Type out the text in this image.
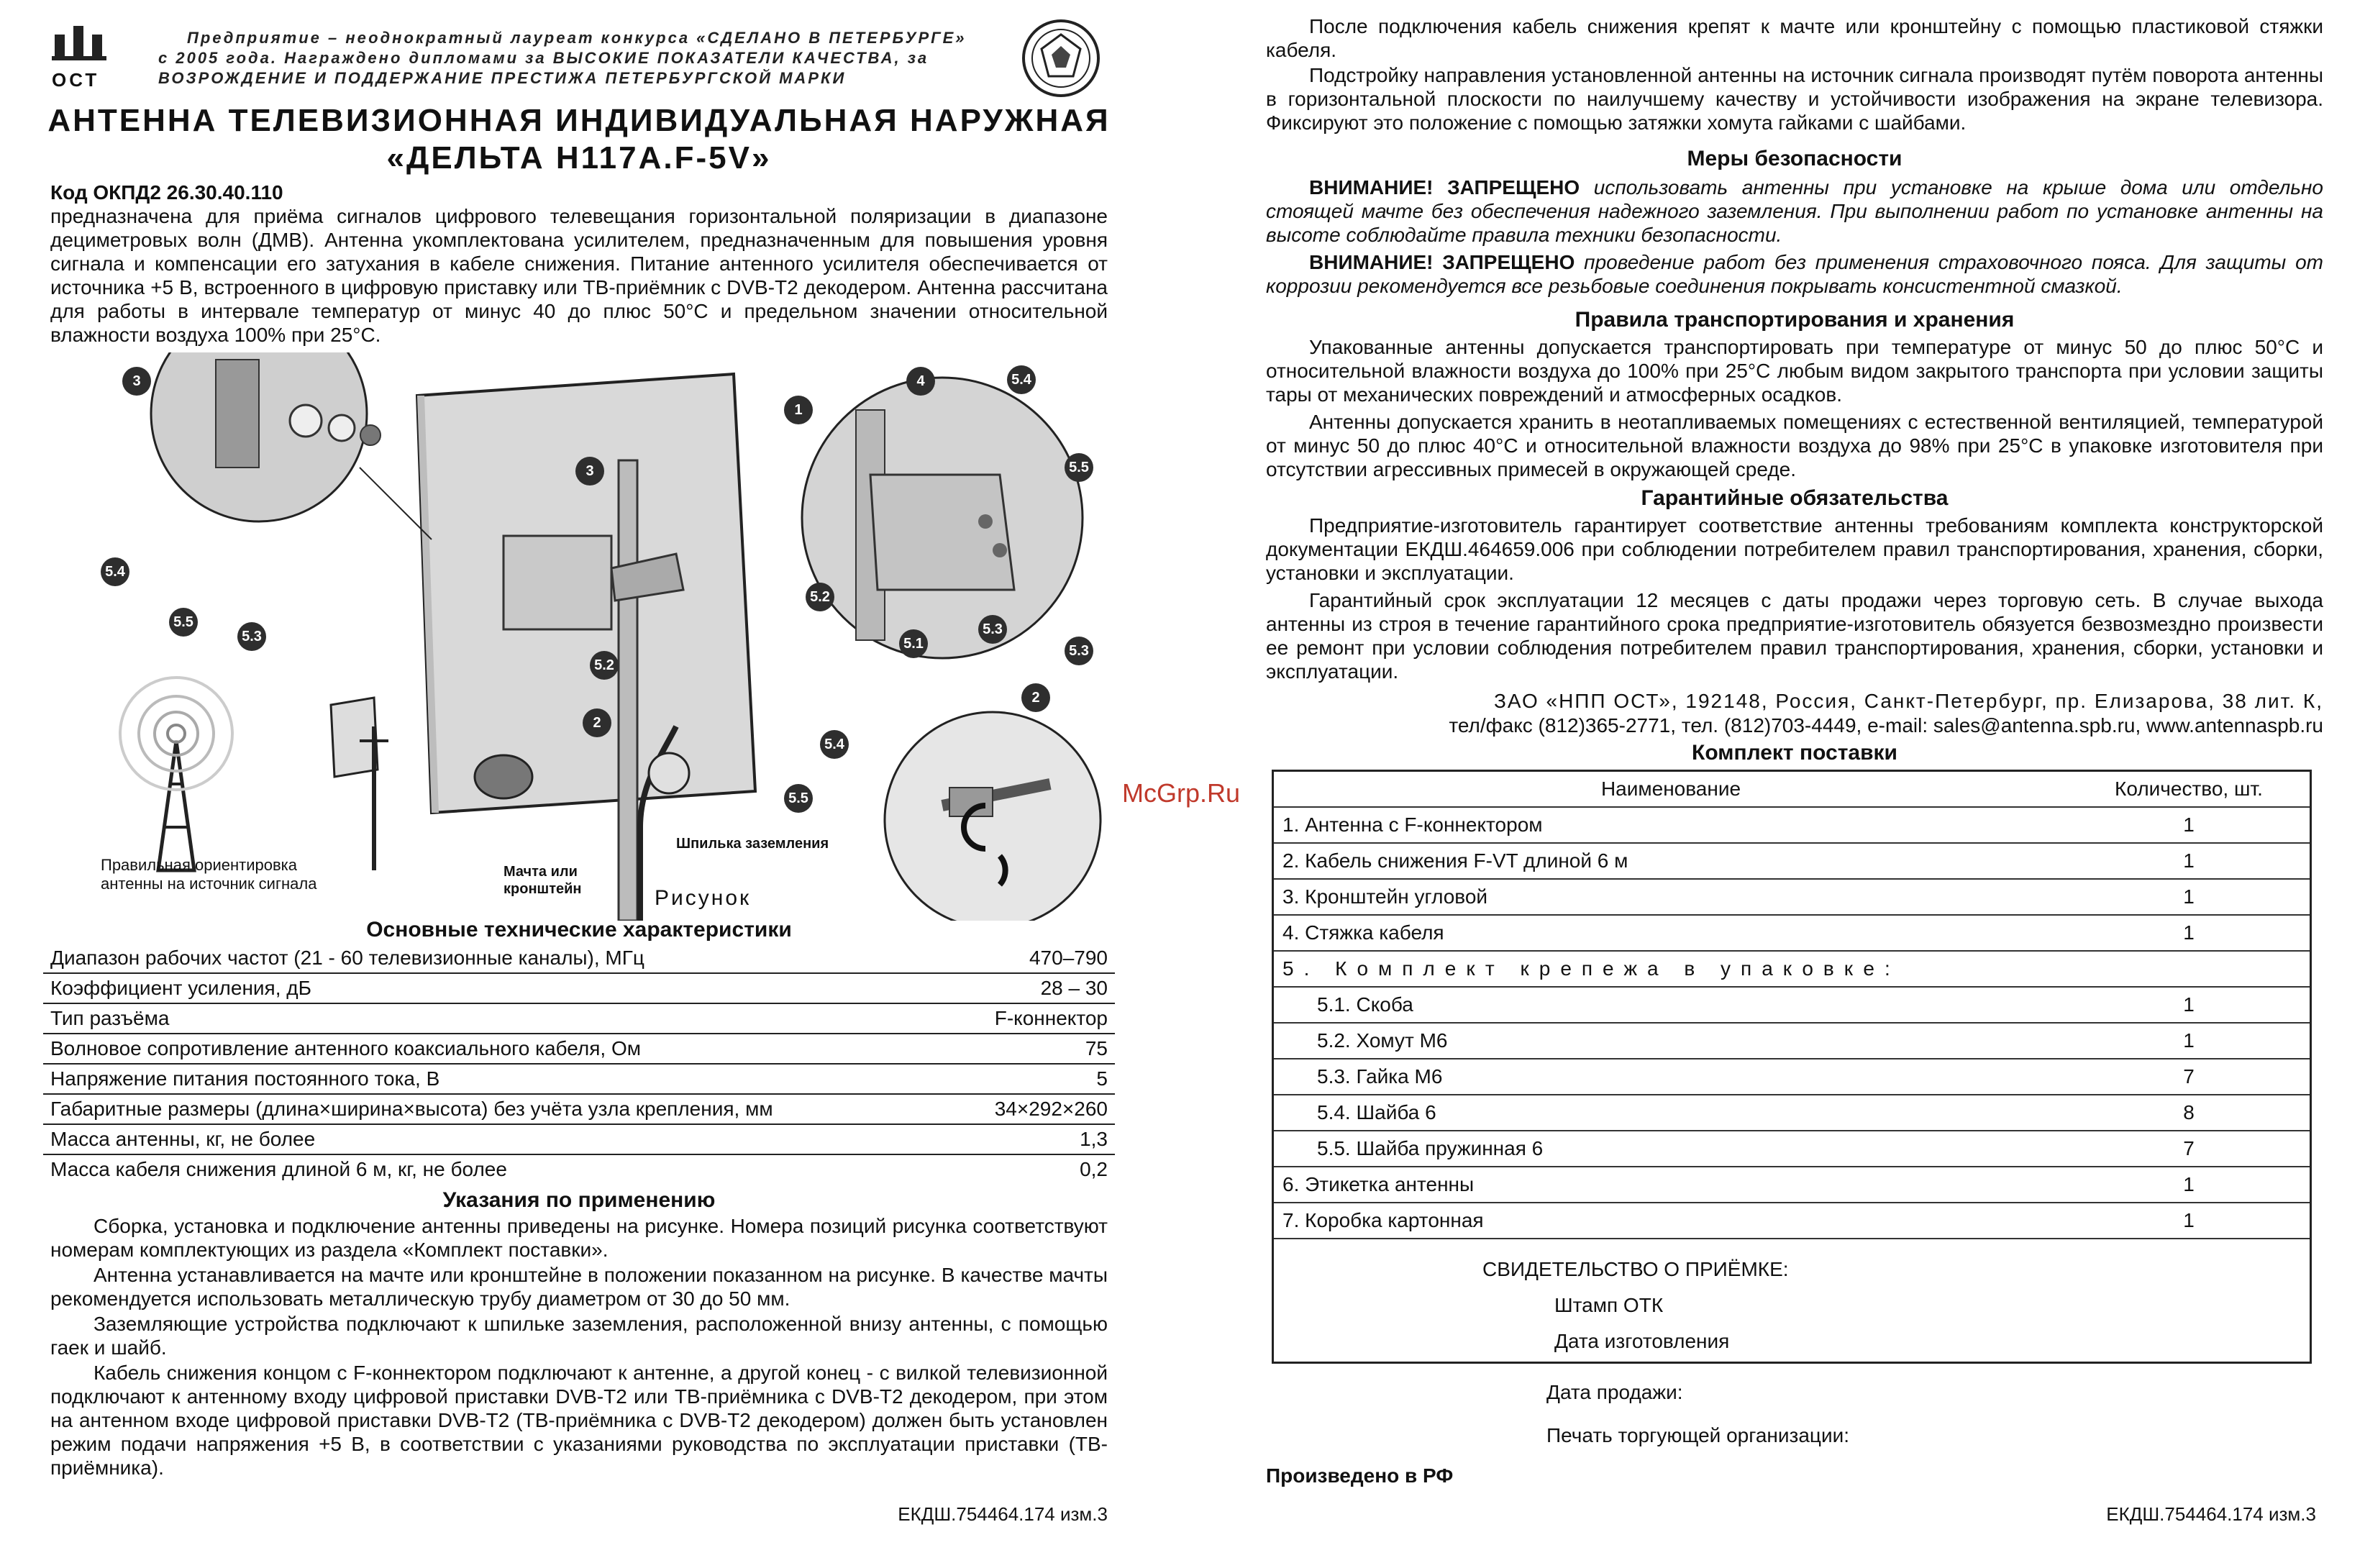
ОСТ
Предприятие – неоднократный лауреат конкурса «СДЕЛАНО В ПЕТЕРБУРГЕ»
с 2005 года. Награждено дипломами за ВЫСОКИЕ ПОКАЗАТЕЛИ КАЧЕСТВА, за
ВОЗРОЖДЕНИЕ И ПОДДЕРЖАНИЕ ПРЕСТИЖА ПЕТЕРБУРГСКОЙ МАРКИ
АНТЕННА ТЕЛЕВИЗИОННАЯ ИНДИВИДУАЛЬНАЯ НАРУЖНАЯ
«ДЕЛЬТА Н117А.F-5V»
Код ОКПД2 26.30.40.110
предназначена для приёма сигналов цифрового телевещания горизонтальной поляризации в диапазоне дециметровых волн (ДМВ). Антенна укомплектована усилителем, предназначенным для повышения уровня сигнала и компенсации его затухания в кабеле снижения. Питание антенного усилителя обеспечивается от источника +5 В, встроенного в цифровую приставку или ТВ-приёмник с DVB-T2 декодером. Антенна рассчитана для работы в интервале температур от минус 40 до плюс 50°С и предельном значении относительной влажности воздуха 100% при 25°С.
3
1
3
4	5.4
5.5
5.4
5.5
5.3
5.2
5.1
5.3
5.3
5.2
2
2
5.4
5.5
Правильная ориентировка
антенны на источник сигнала
Шпилька заземления
Мачта или
кронштейн	Рисунок
Основные технические характеристики
Диапазон рабочих частот (21 - 60 телевизионные каналы), МГц	470–790
Коэффициент усиления, дБ	28 – 30
Тип разъёма	F-коннектор
Волновое сопротивление антенного коаксиального кабеля, Ом	75
Напряжение питания постоянного тока, В	5
Габаритные размеры (длина×ширина×высота) без учёта узла крепления, мм	34×292×260
Масса антенны, кг, не более	1,3
Масса кабеля снижения длиной 6 м, кг, не более	0,2
Указания по применению
Сборка, установка и подключение антенны приведены на рисунке. Номера позиций рисунка соответствуют номерам комплектующих из раздела «Комплект поставки».
Антенна устанавливается на мачте или кронштейне в положении показанном на рисунке. В качестве мачты рекомендуется использовать металлическую трубу диаметром от 30 до 50 мм.
Заземляющие устройства подключают к шпильке заземления, расположенной внизу антенны, с помощью гаек и шайб.
Кабель снижения концом с F-коннектором подключают к антенне, а другой конец - с вилкой телевизионной подключают к антенному входу цифровой приставки DVB-T2 или ТВ-приёмника с DVB-T2 декодером, при этом на антенном входе цифровой приставки DVB-T2 (ТВ-приёмника с DVB-T2 декодером) должен быть установлен режим подачи напряжения +5 В, в соответствии с указаниями руководства по эксплуатации приставки (ТВ-приёмника).
ЕКДШ.754464.174 изм.3
McGrp.Ru
После подключения кабель снижения крепят к мачте или кронштейну с помощью пластиковой стяжки кабеля.
Подстройку направления установленной антенны на источник сигнала производят путём поворота антенны в горизонтальной плоскости по наилучшему качеству и устойчивости изображения на экране телевизора. Фиксируют это положение с помощью затяжки хомута гайками с шайбами.
Меры безопасности
ВНИМАНИЕ! ЗАПРЕЩЕНО использовать антенны при установке на крыше дома или отдельно стоящей мачте без обеспечения надежного заземления. При выполнении работ по установке антенны на высоте соблюдайте правила техники безопасности.
ВНИМАНИЕ! ЗАПРЕЩЕНО проведение работ без применения страховочного пояса. Для защиты от коррозии рекомендуется все резьбовые соединения покрывать консистентной смазкой.
Правила транспортирования и хранения
Упакованные антенны допускается транспортировать при температуре от минус 50 до плюс 50°С и относительной влажности воздуха до 100% при 25°С любым видом закрытого транспорта при условии защиты тары от механических повреждений и атмосферных осадков.
Антенны допускается хранить в неотапливаемых помещениях с естественной вентиляцией, температурой от минус 50 до плюс 40°С и относительной влажности воздуха до 98% при 25°С в упаковке изготовителя при отсутствии агрессивных примесей в окружающей среде.
Гарантийные обязательства
Предприятие-изготовитель гарантирует соответствие антенны требованиям комплекта конструкторской документации ЕКДШ.464659.006 при соблюдении потребителем правил транспортирования, хранения, сборки, установки и эксплуатации.
Гарантийный срок эксплуатации 12 месяцев с даты продажи через торговую сеть. В случае выхода антенны из строя в течение гарантийного срока предприятие-изготовитель обязуется безвозмездно произвести ее ремонт при условии соблюдения потребителем правил транспортирования, хранения, сборки, установки и эксплуатации.
ЗАО «НПП ОСТ», 192148, Россия, Санкт-Петербург, пр. Елизарова, 38 лит. К,
тел/факс (812)365-2771, тел. (812)703-4449, e-mail: sales@antenna.spb.ru, www.antennaspb.ru
Комплект поставки
Наименование	Количество, шт.
1. Антенна с F-коннектором	1
2. Кабель снижения F-VT длиной 6 м	1
3. Кронштейн угловой	1
4. Стяжка кабеля	1
5. Комплект крепежа в упаковке:	
5.1. Скоба	1
5.2. Хомут М6	1
5.3. Гайка М6	7
5.4. Шайба 6	8
5.5. Шайба пружинная 6	7
6. Этикетка антенны	1
7. Коробка картонная	1
СВИДЕТЕЛЬСТВО О ПРИЁМКЕ:
Штамп ОТК
Дата изготовления
Дата продажи:
Печать торгующей организации:
Произведено в РФ
ЕКДШ.754464.174 изм.3
